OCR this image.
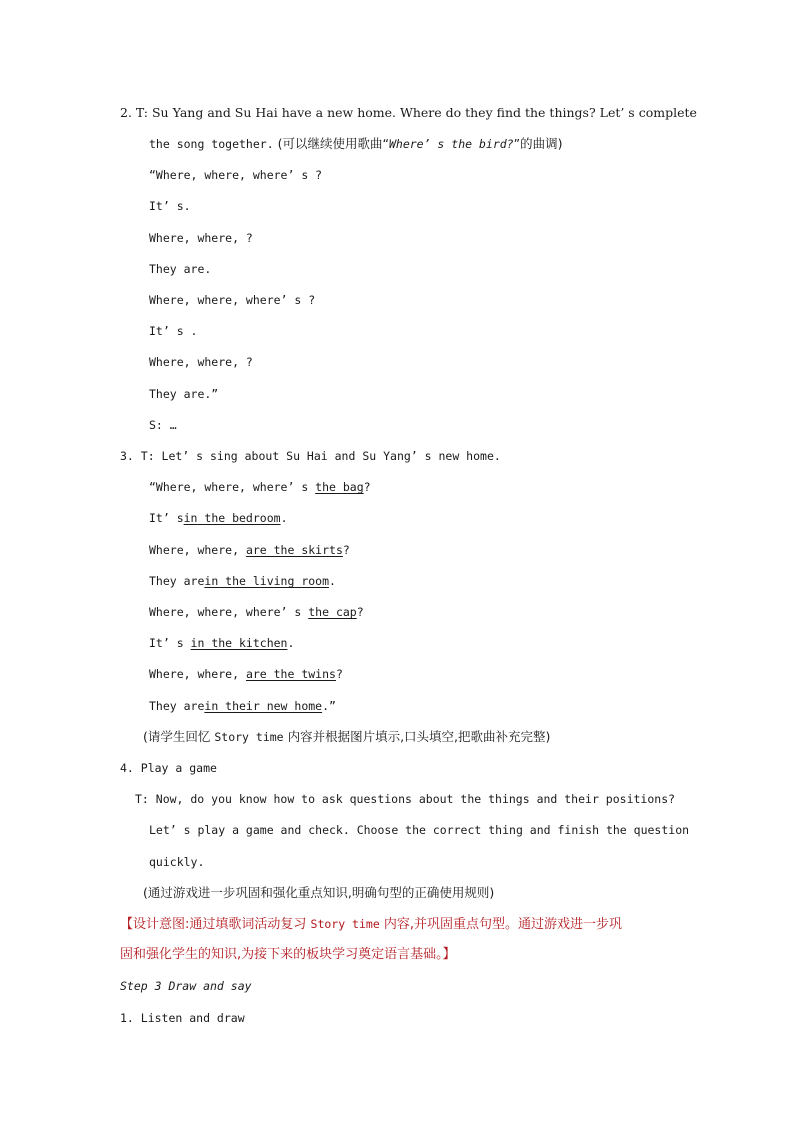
2. T: Su Yang and Su Hai have a new home. Where do they find the things? Let’ s complete
the song together. (可以继续使用歌曲“Where’ s the bird?”的曲调)
“Where, where, where’ s ?
It’ s.
Where, where, ?
They are.
Where, where, where’ s ?
It’ s .
Where, where, ?
They are.”
S: …
3. T: Let’ s sing about Su Hai and Su Yang’ s new home.
“Where, where, where’ s the bag?
It’ sin the bedroom.
Where, where, are the skirts?
They arein the living room.
Where, where, where’ s the cap?
It’ s in the kitchen.
Where, where, are the twins?
They arein their new home.”
(请学生回忆 Story time 内容并根据图片填示,口头填空,把歌曲补充完整)
4. Play a game
T: Now, do you know how to ask questions about the things and their positions?
Let’ s play a game and check. Choose the correct thing and finish the question
quickly.
(通过游戏进一步巩固和强化重点知识,明确句型的正确使用规则)
【设计意图:通过填歌词活动复习 Story time 内容,并巩固重点句型。通过游戏进一步巩
固和强化学生的知识,为接下来的板块学习奠定语言基础。】
Step 3 Draw and say
1. Listen and draw
